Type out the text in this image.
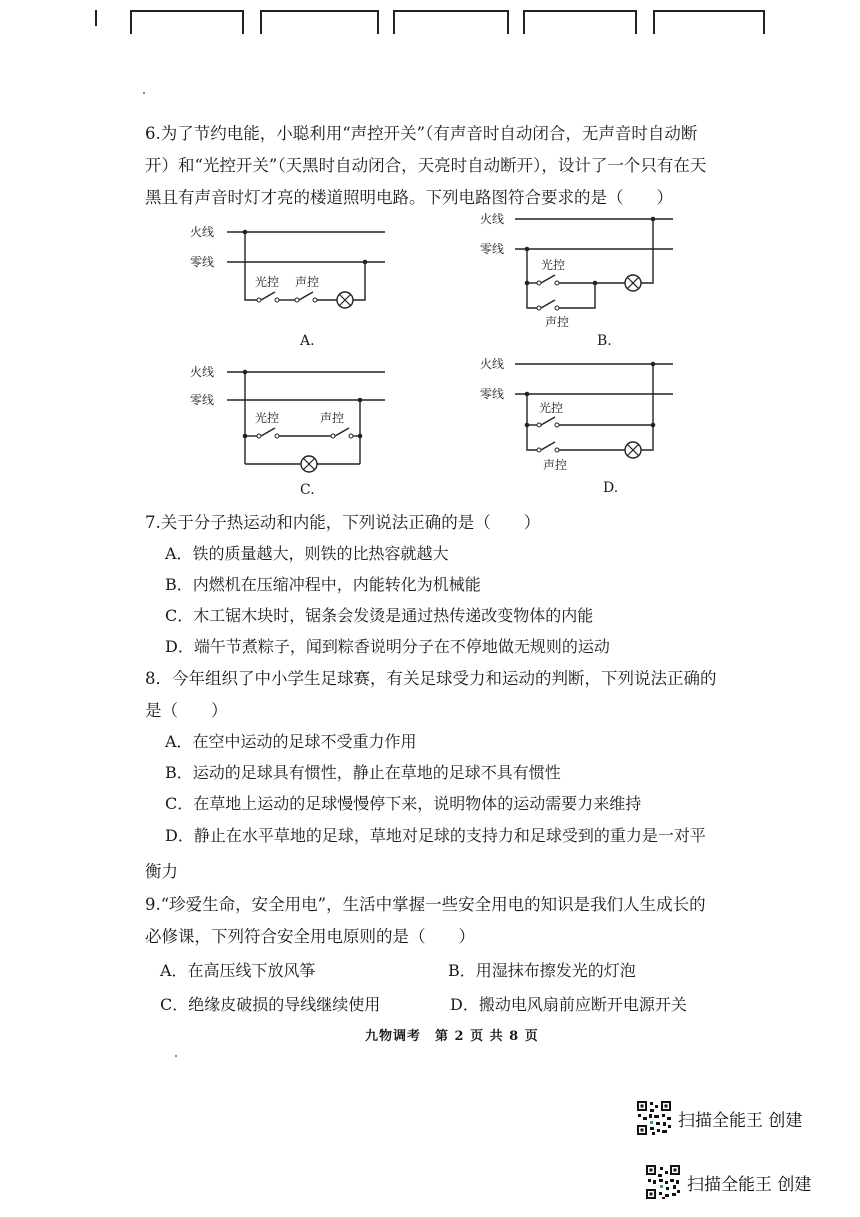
6.为了节约电能，小聪利用“声控开关”（有声音时自动闭合，无声音时自动断
开）和“光控开关”（天黑时自动闭合，天亮时自动断开），设计了一个只有在天
黑且有声音时灯才亮的楼道照明电路。下列电路图符合要求的是（　　）
火线
零线
光控 声控
A.
火线
零线
光控
声控
B.
火线
零线
光控	声控
C.
火线
零线
光控
声控
D.
7.关于分子热运动和内能，下列说法正确的是（　　）
A．铁的质量越大，则铁的比热容就越大
B．内燃机在压缩冲程中，内能转化为机械能
C．木工锯木块时，锯条会发烫是通过热传递改变物体的内能
D．端午节煮粽子，闻到粽香说明分子在不停地做无规则的运动
8．今年组织了中小学生足球赛，有关足球受力和运动的判断，下列说法正确的
是（　　）
A．在空中运动的足球不受重力作用
B．运动的足球具有惯性，静止在草地的足球不具有惯性
C．在草地上运动的足球慢慢停下来，说明物体的运动需要力来维持
D．静止在水平草地的足球，草地对足球的支持力和足球受到的重力是一对平
衡力
9.“珍爱生命，安全用电”，生活中掌握一些安全用电的知识是我们人生成长的
必修课，下列符合安全用电原则的是（　　）
A．在高压线下放风筝	B．用湿抹布擦发光的灯泡
C．绝缘皮破损的导线继续使用	D．搬动电风扇前应断开电源开关
九物调考　第 2 页 共 8 页
扫描全能王 创建
扫描全能王 创建
